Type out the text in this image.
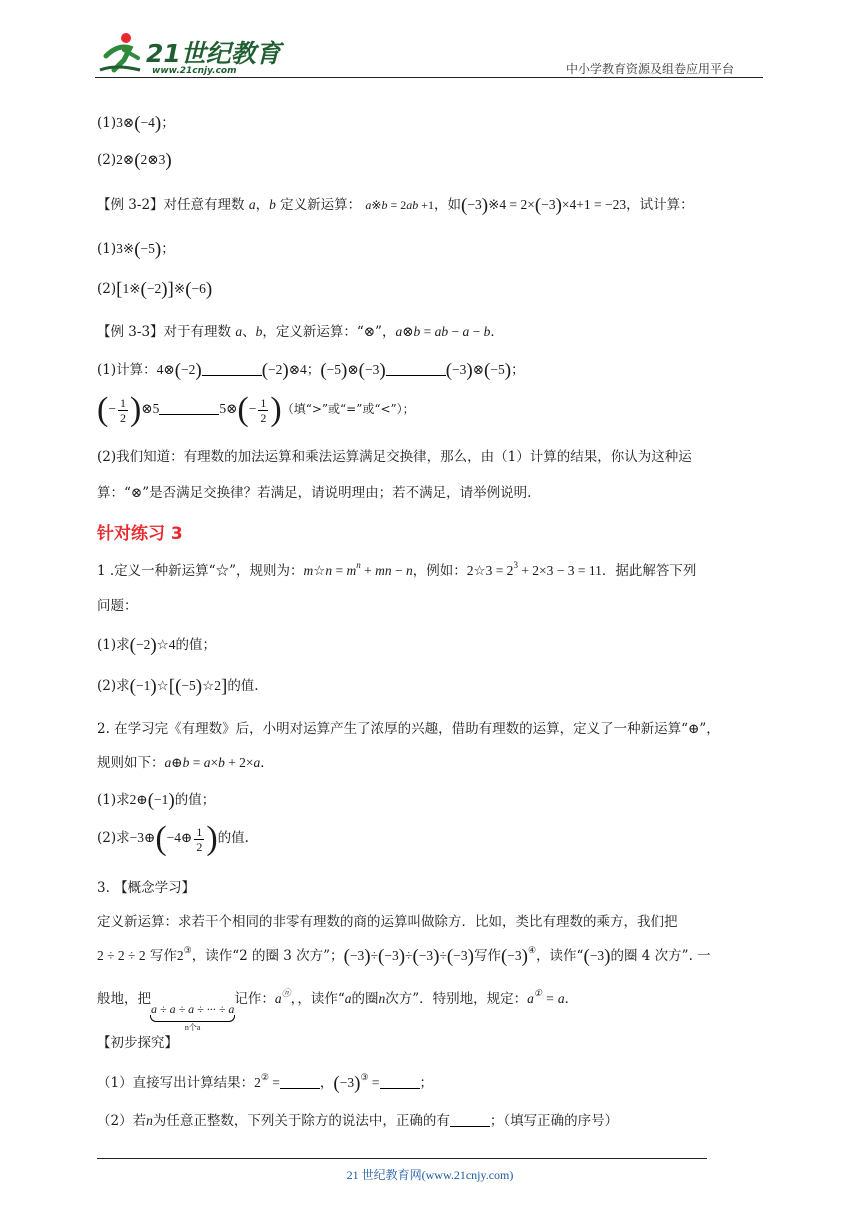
21世纪教育
www.21cnjy.com	中小学教育资源及组卷应用平台
(1)3⊗(−4)；
(2)2⊗(2⊗3)
【例 3-2】对任意有理数 a，b 定义新运算： a※b = 2ab +1，如(−3)※4 = 2×(−3)×4+1 = −23，试计算：
(1)3※(−5)；
(2)[1※(−2)]※(−6)
【例 3-3】对于有理数 a、b，定义新运算：“⊗”，a⊗b = ab − a − b．
(1)计算：4⊗(−2)	(−2)⊗4；(−5)⊗(−3)	(−3)⊗(−5)；
(− $\frac{1}{2}$ )⊗5	5⊗(− $\frac{1}{2}$ )（填“>”或“=”或“<”）；
(2)我们知道：有理数的加法运算和乘法运算满足交换律，那么，由（1）计算的结果，你认为这种运
算：“⊗”是否满足交换律？若满足，请说明理由；若不满足，请举例说明.
针对练习 3
1 .定义一种新运算“☆”，规则为：m☆n = $m^n$ + mn − n，例如：2☆3 = $2^3 + 2\times 3 - 3 = 11$．据此解答下列
问题：
(1)求(−2)☆4的值；
(2)求(−1)☆[(−5)☆2]的值.
2. 在学习完《有理数》后，小明对运算产生了浓厚的兴趣，借助有理数的运算，定义了一种新运算“⊕”，
规则如下：a⊕b = a×b + 2×a．
(1)求2⊕(−1)的值；
(2)求−3⊕(−4⊕ $\frac{1}{2}$ )的值.
3. 【概念学习】
定义新运算：求若干个相同的非零有理数的商的运算叫做除方．比如，类比有理数的乘方，我们把
2 ÷ 2 ÷ 2 写作2③，读作“2 的圈 3 次方”；(−3)÷(−3)÷(−3)÷(−3)写作(−3)④，读作“(−3)的圈 4 次方”. 一
般地，把
a ÷ a ÷ a ÷ ··· ÷ a
n个a
记作：aⓝ，，读作“a的圈n次方”．特别地，规定：a① = a．
【初步探究】
（1）直接写出计算结果：2② =	，(−3)③ =	；
（2）若n为任意正整数，下列关于除方的说法中，正确的有	；（填写正确的序号）
21 世纪教育网(www.21cnjy.com)
